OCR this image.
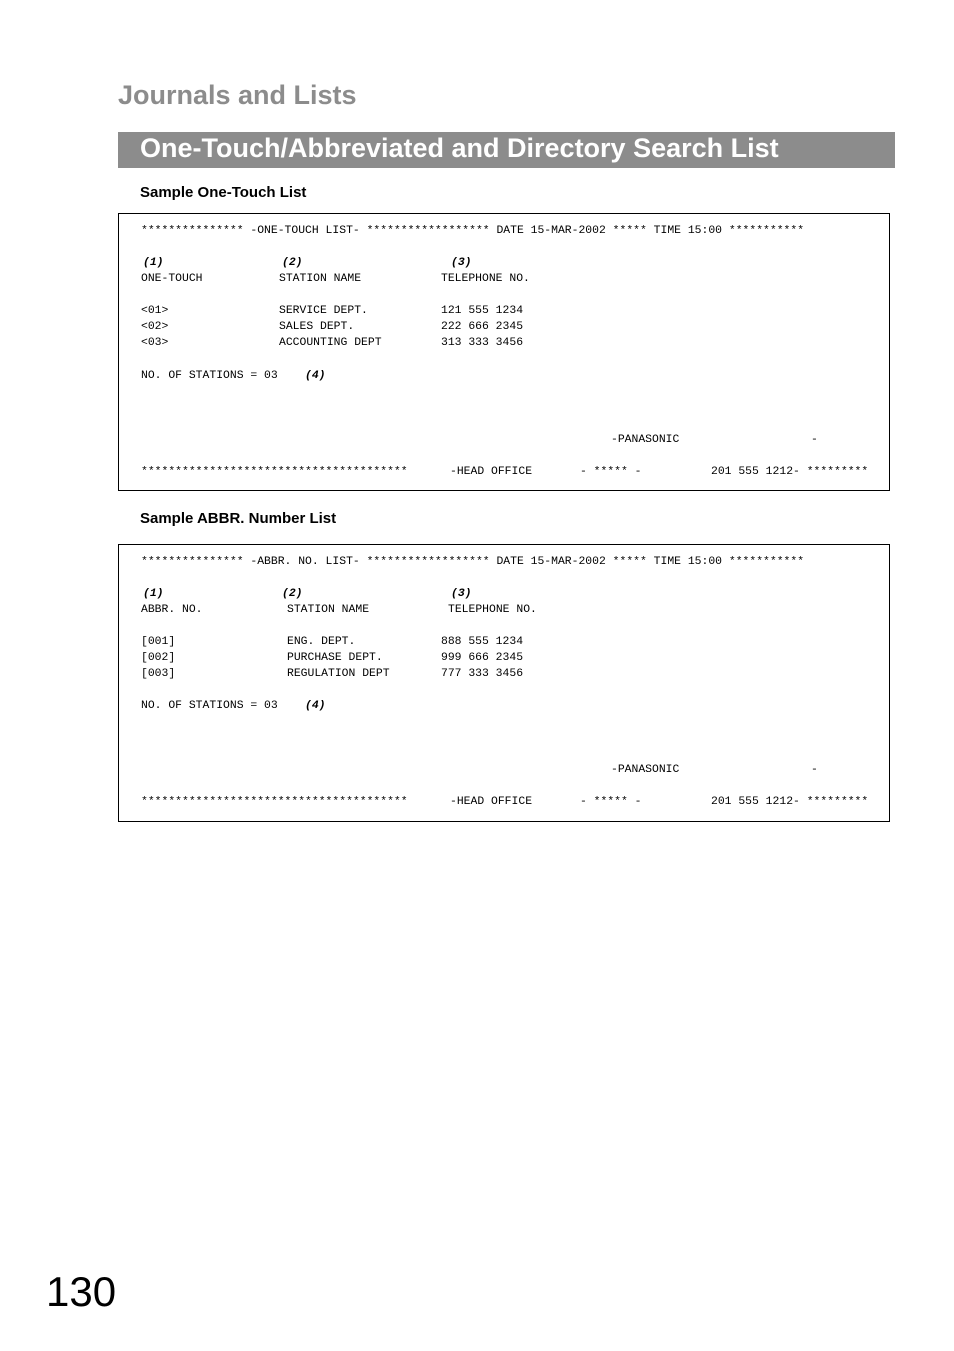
Journals and Lists
One-Touch/Abbreviated and Directory Search List
Sample One-Touch List
*************** -ONE-TOUCH LIST- ****************** DATE 15-MAR-2002 ***** TIME 15:00 ***********
(1)	(2)	(3)
ONE-TOUCH	STATION NAME	TELEPHONE NO.
<01>	SERVICE DEPT.	121 555 1234
<02>	SALES DEPT.	222 666 2345
<03>	ACCOUNTING DEPT	313 333 3456
NO. OF STATIONS = 03 (4)
-PANASONIC	-
***************************************	-HEAD OFFICE	- ***** -	201 555 1212- *********
Sample ABBR. Number List
*************** -ABBR. NO. LIST- ****************** DATE 15-MAR-2002 ***** TIME 15:00 ***********
(1)	(2)	(3)
ABBR. NO.	STATION NAME	TELEPHONE NO.
[001]	ENG. DEPT.	888 555 1234
[002]	PURCHASE DEPT.	999 666 2345
[003]	REGULATION DEPT	777 333 3456
NO. OF STATIONS = 03 (4)
-PANASONIC	-
***************************************	-HEAD OFFICE	- ***** -	201 555 1212- *********
130
